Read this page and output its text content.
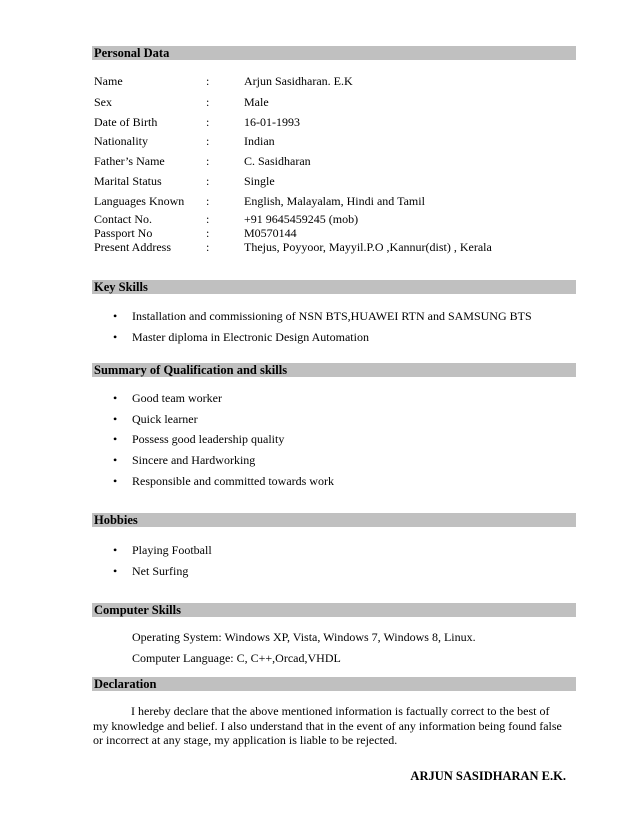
Personal Data
Name	:	Arjun Sasidharan. E.K
Sex	:	Male
Date of Birth	:	16-01-1993
Nationality	:	Indian
Father’s Name	:	C. Sasidharan
Marital Status	:	Single
Languages Known :	English, Malayalam, Hindi and Tamil
Contact No.	:	+91 9645459245 (mob)
Passport No	:	M0570144
Present Address	:	Thejus, Poyyoor, Mayyil.P.O ,Kannur(dist) , Kerala
Key Skills
• Installation and commissioning of NSN BTS,HUAWEI RTN and SAMSUNG BTS
• Master diploma in Electronic Design Automation
Summary of Qualification and skills
• Good team worker
• Quick learner
• Possess good leadership quality
• Sincere and Hardworking
• Responsible and committed towards work
Hobbies
• Playing Football
• Net Surfing
Computer Skills
Operating System: Windows XP, Vista, Windows 7, Windows 8, Linux.
Computer Language: C, C++,Orcad,VHDL
Declaration
I hereby declare that the above mentioned information is factually correct to the best of my knowledge and belief. I also understand that in the event of any information being found false or incorrect at any stage, my application is liable to be rejected.
ARJUN SASIDHARAN E.K.
